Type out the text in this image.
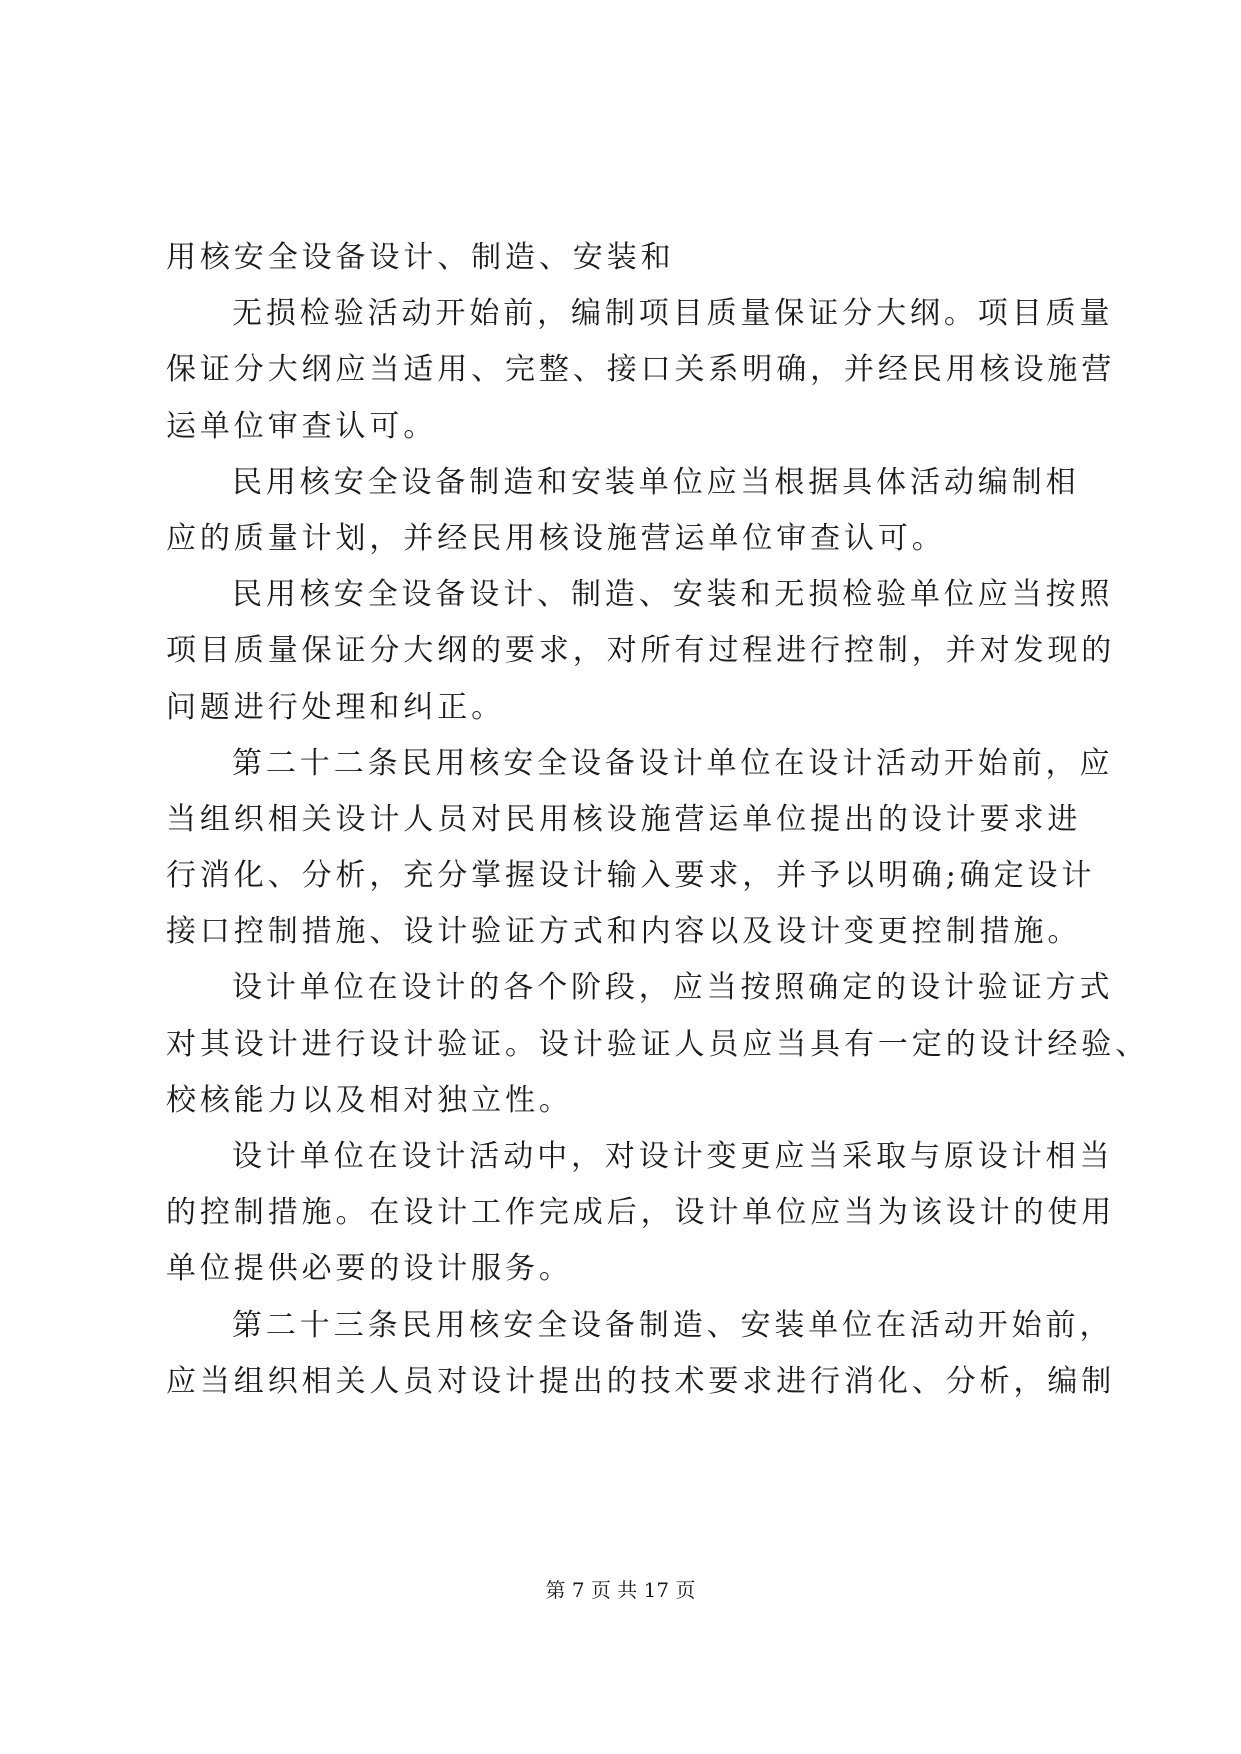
用核安全设备设计、制造、安装和
无损检验活动开始前，编制项目质量保证分大纲。项目质量
保证分大纲应当适用、完整、接口关系明确，并经民用核设施营
运单位审查认可。
民用核安全设备制造和安装单位应当根据具体活动编制相
应的质量计划，并经民用核设施营运单位审查认可。
民用核安全设备设计、制造、安装和无损检验单位应当按照
项目质量保证分大纲的要求，对所有过程进行控制，并对发现的
问题进行处理和纠正。
第二十二条民用核安全设备设计单位在设计活动开始前，应
当组织相关设计人员对民用核设施营运单位提出的设计要求进
行消化、分析，充分掌握设计输入要求，并予以明确;确定设计
接口控制措施、设计验证方式和内容以及设计变更控制措施。
设计单位在设计的各个阶段，应当按照确定的设计验证方式
对其设计进行设计验证。设计验证人员应当具有一定的设计经验、
校核能力以及相对独立性。
设计单位在设计活动中，对设计变更应当采取与原设计相当
的控制措施。在设计工作完成后，设计单位应当为该设计的使用
单位提供必要的设计服务。
第二十三条民用核安全设备制造、安装单位在活动开始前，
应当组织相关人员对设计提出的技术要求进行消化、分析，编制
第 7 页 共 17 页
